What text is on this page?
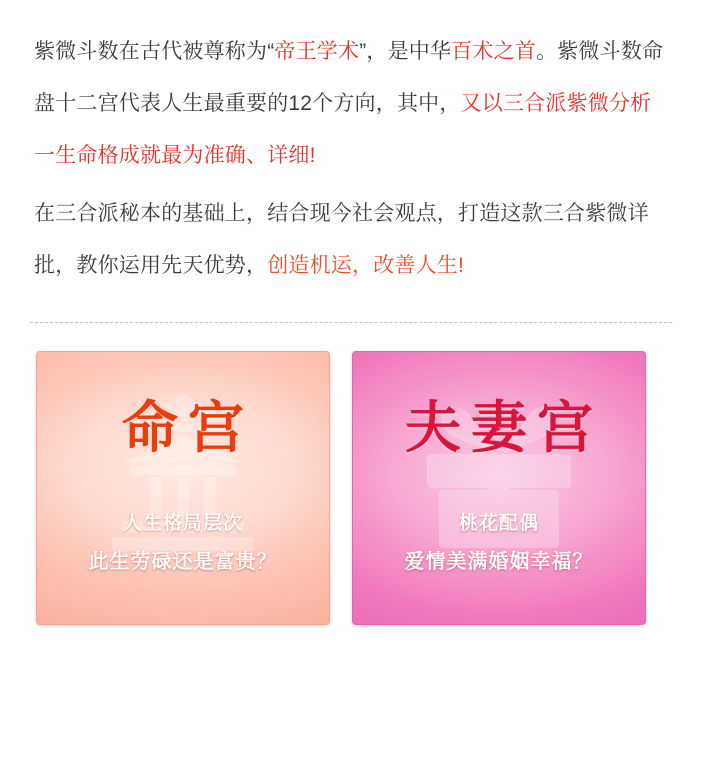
紫微斗数在古代被尊称为“帝王学术”，是中华百术之首。紫微斗数命盘十二宫代表人生最重要的12个方向，其中，又以三合派紫微分析一生命格成就最为准确、详细!

在三合派秘本的基础上，结合现今社会观点，打造这款三合紫微详批，教你运用先天优势，创造机运，改善人生!

命宫
人生格局层次
此生劳碌还是富贵？
夫妻宫
桃花配偶
爱情美满婚姻幸福？
